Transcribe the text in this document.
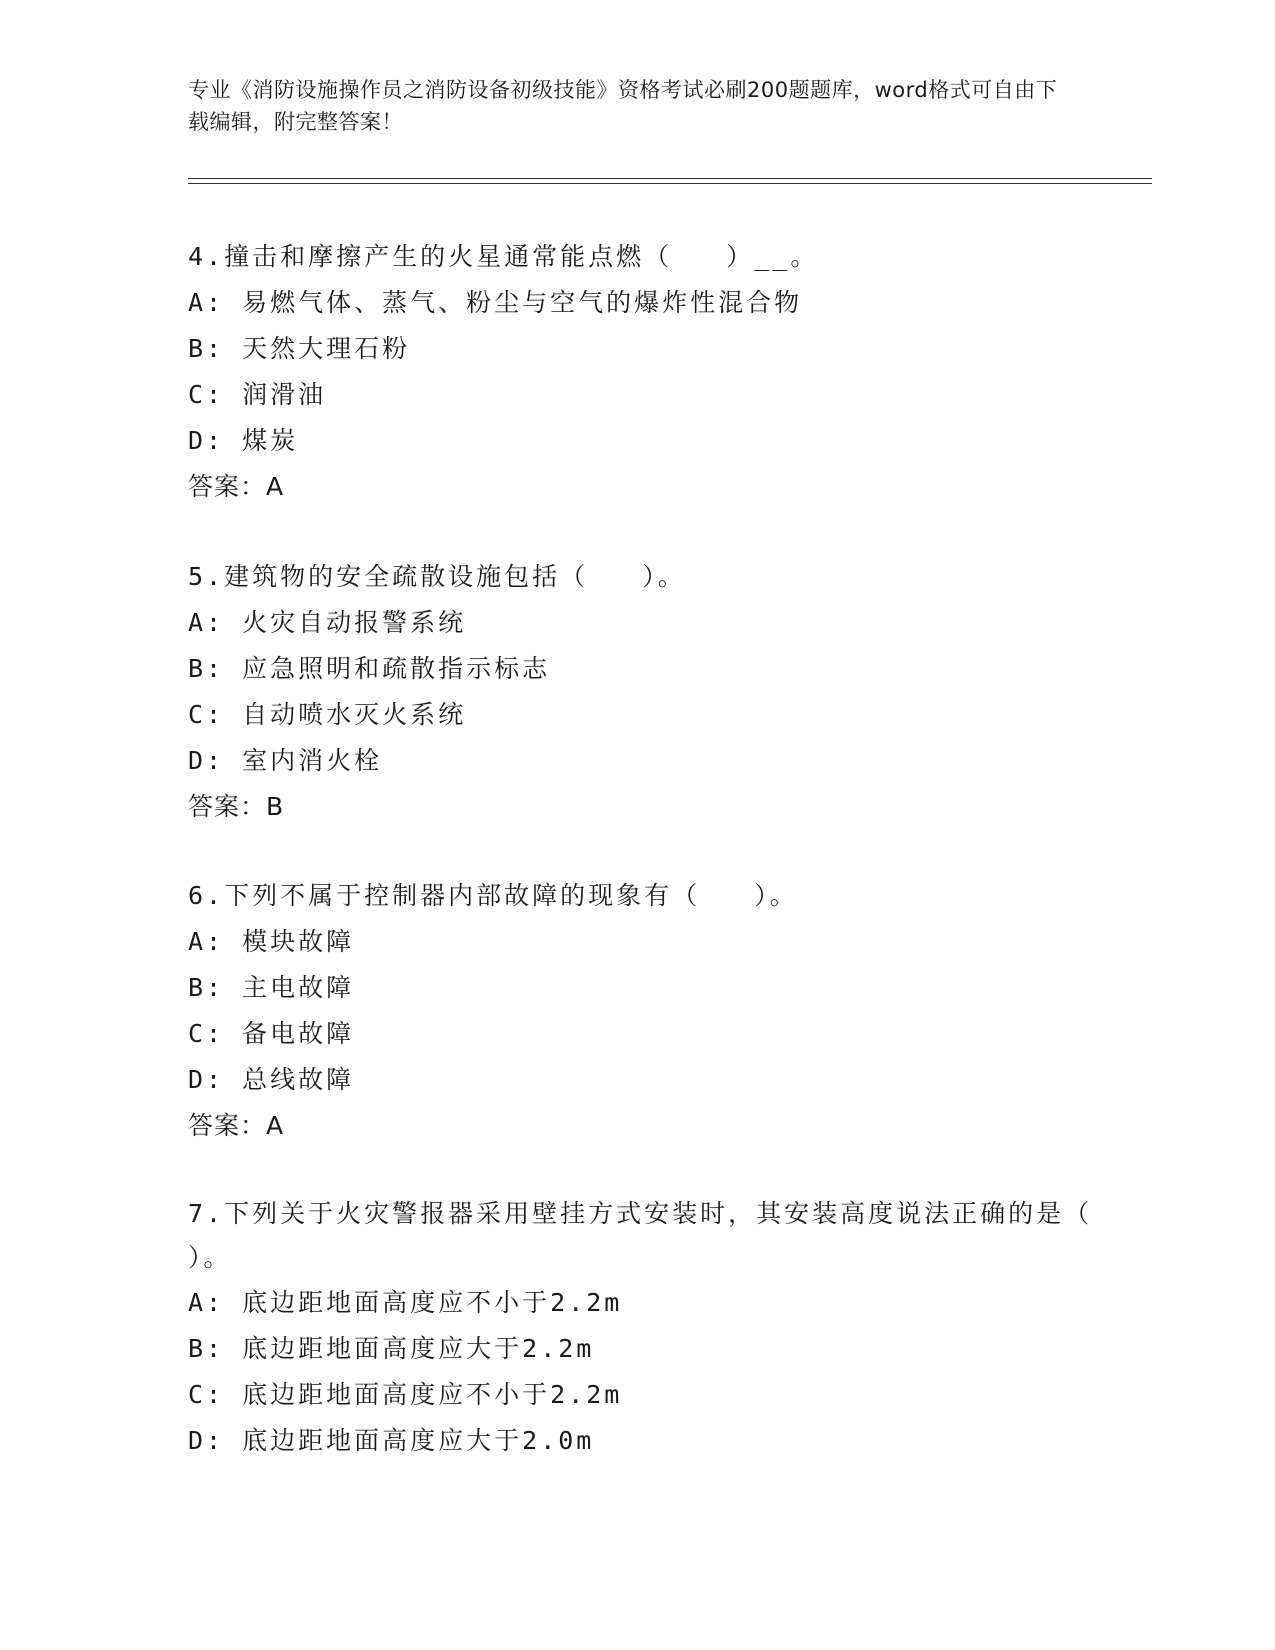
专业《消防设施操作员之消防设备初级技能》资格考试必刷200题题库，word格式可自由下载编辑，附完整答案！
4.撞击和摩擦产生的火星通常能点燃（   ）__。
A: 易燃气体、蒸气、粉尘与空气的爆炸性混合物
B: 天然大理石粉
C: 润滑油
D: 煤炭
答案：A
5.建筑物的安全疏散设施包括（   ）。
A: 火灾自动报警系统
B: 应急照明和疏散指示标志
C: 自动喷水灭火系统
D: 室内消火栓
答案：B
6.下列不属于控制器内部故障的现象有（   ）。
A: 模块故障
B: 主电故障
C: 备电故障
D: 总线故障
答案：A
7.下列关于火灾警报器采用壁挂方式安装时，其安装高度说法正确的是（   ）。
A: 底边距地面高度应不小于2.2m
B: 底边距地面高度应大于2.2m
C: 底边距地面高度应不小于2.2m
D: 底边距地面高度应大于2.0m
